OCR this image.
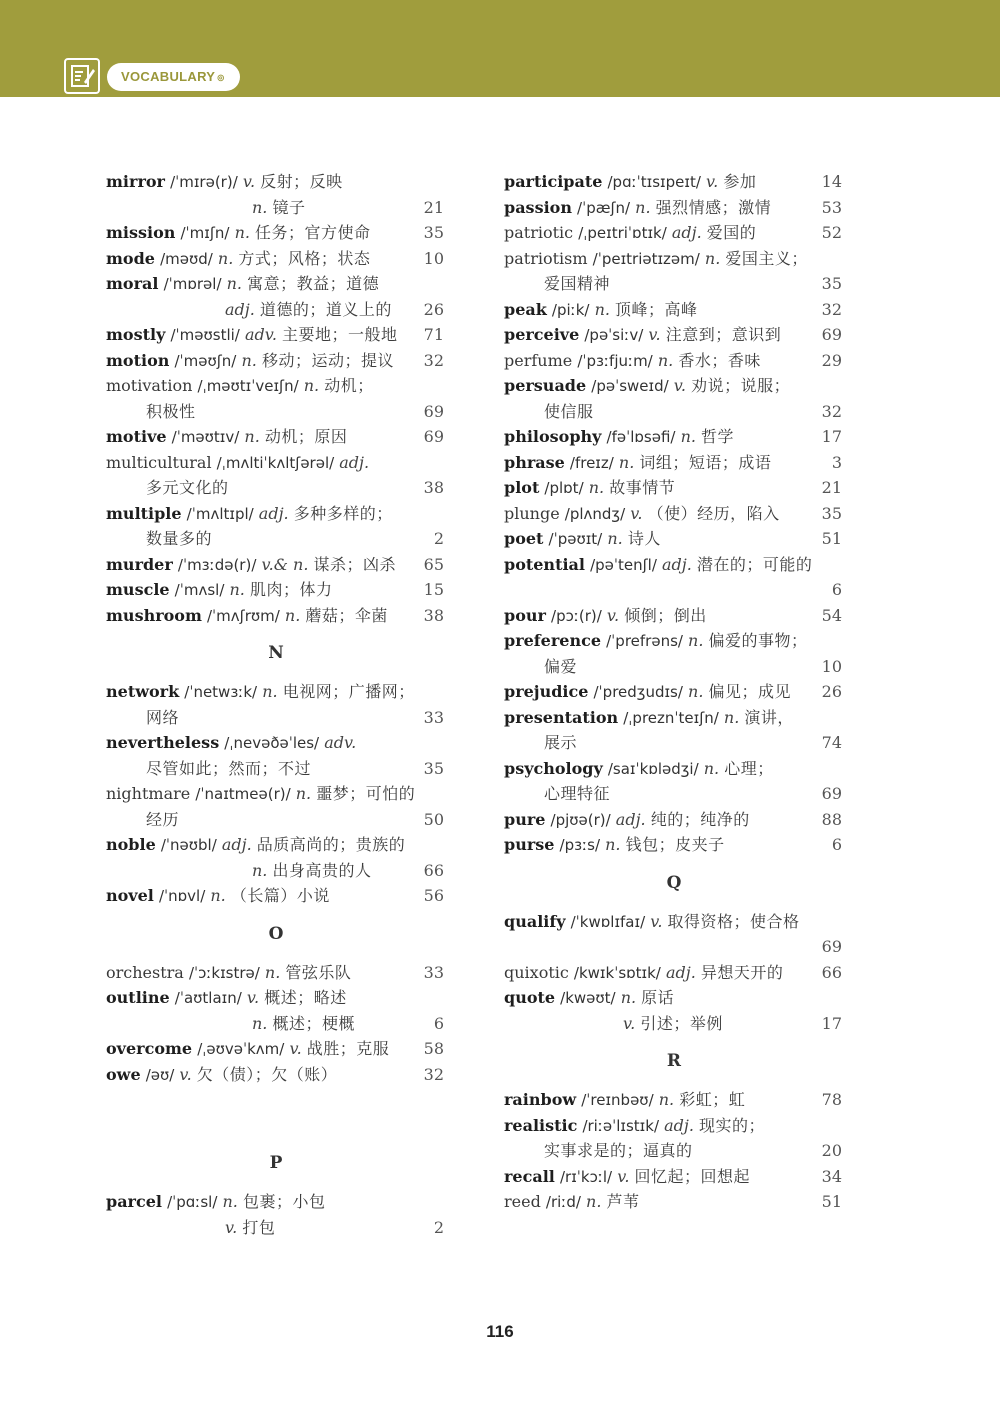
VOCABULARY ◎
mirror /ˈmɪrə(r)/ v. 反射；反映
n. 镜子	21
mission /ˈmɪʃn/ n. 任务；官方使命	35
mode /məʊd/ n. 方式；风格；状态	10
moral /ˈmɒrəl/ n. 寓意；教益；道德
adj. 道德的；道义上的 26
mostly /ˈməʊstli/ adv. 主要地；一般地 71
motion /ˈməʊʃn/ n. 移动；运动；提议 32
motivation /ˌməʊtɪˈveɪʃn/ n. 动机；
积极性	69
motive /ˈməʊtɪv/ n. 动机；原因	69
multicultural /ˌmʌltiˈkʌltʃərəl/ adj.
多元文化的	38
multiple /ˈmʌltɪpl/ adj. 多种多样的；
数量多的	2
murder /ˈmɜːdə(r)/ v.& n. 谋杀；凶杀 65
muscle /ˈmʌsl/ n. 肌肉；体力	15
mushroom /ˈmʌʃrʊm/ n. 蘑菇；伞菌 38
N
network /ˈnetwɜːk/ n. 电视网；广播网；
网络	33
nevertheless /ˌnevəðəˈles/ adv.
尽管如此；然而；不过	35
nightmare /ˈnaɪtmeə(r)/ n. 噩梦；可怕的
经历	50
noble /ˈnəʊbl/ adj. 品质高尚的；贵族的
n. 出身高贵的人	66
novel /ˈnɒvl/ n. （长篇）小说	56
O
orchestra /ˈɔːkɪstrə/ n. 管弦乐队	33
outline /ˈaʊtlaɪn/ v. 概述；略述
n. 概述；梗概	6
overcome /ˌəʊvəˈkʌm/ v. 战胜；克服 58
owe /əʊ/ v. 欠（债）；欠（账）	32
P
parcel /ˈpɑːsl/ n. 包裹；小包
v. 打包	2
participate /pɑːˈtɪsɪpeɪt/ v. 参加	14
passion /ˈpæʃn/ n. 强烈情感；激情	53
patriotic /ˌpeɪtriˈɒtɪk/ adj. 爱国的	52
patriotism /ˈpeɪtriətɪzəm/ n. 爱国主义；
爱国精神	35
peak /piːk/ n. 顶峰；高峰	32
perceive /pəˈsiːv/ v. 注意到；意识到	69
perfume /ˈpɜːfjuːm/ n. 香水；香味	29
persuade /pəˈsweɪd/ v. 劝说；说服；
使信服	32
philosophy /fəˈlɒsəfi/ n. 哲学	17
phrase /freɪz/ n. 词组；短语；成语	3
plot /plɒt/ n. 故事情节	21
plunge /plʌndʒ/ v. （使）经历，陷入	35
poet /ˈpəʊɪt/ n. 诗人	51
potential /pəˈtenʃl/ adj. 潜在的；可能的
6
pour /pɔː(r)/ v. 倾倒；倒出	54
preference /ˈprefrəns/ n. 偏爱的事物；
偏爱	10
prejudice /ˈpredʒudɪs/ n. 偏见；成见 26
presentation /ˌpreznˈteɪʃn/ n. 演讲，
展示	74
psychology /saɪˈkɒlədʒi/ n. 心理；
心理特征	69
pure /pjʊə(r)/ adj. 纯的；纯净的	88
purse /pɜːs/ n. 钱包；皮夹子	6
Q
qualify /ˈkwɒlɪfaɪ/ v. 取得资格；使合格
69
quixotic /kwɪkˈsɒtɪk/ adj. 异想天开的 66
quote /kwəʊt/ n. 原话
v. 引述；举例	17
R
rainbow /ˈreɪnbəʊ/ n. 彩虹；虹	78
realistic /riːəˈlɪstɪk/ adj. 现实的；
实事求是的；逼真的	20
recall /rɪˈkɔːl/ v. 回忆起；回想起	34
reed /riːd/ n. 芦苇	51
116
